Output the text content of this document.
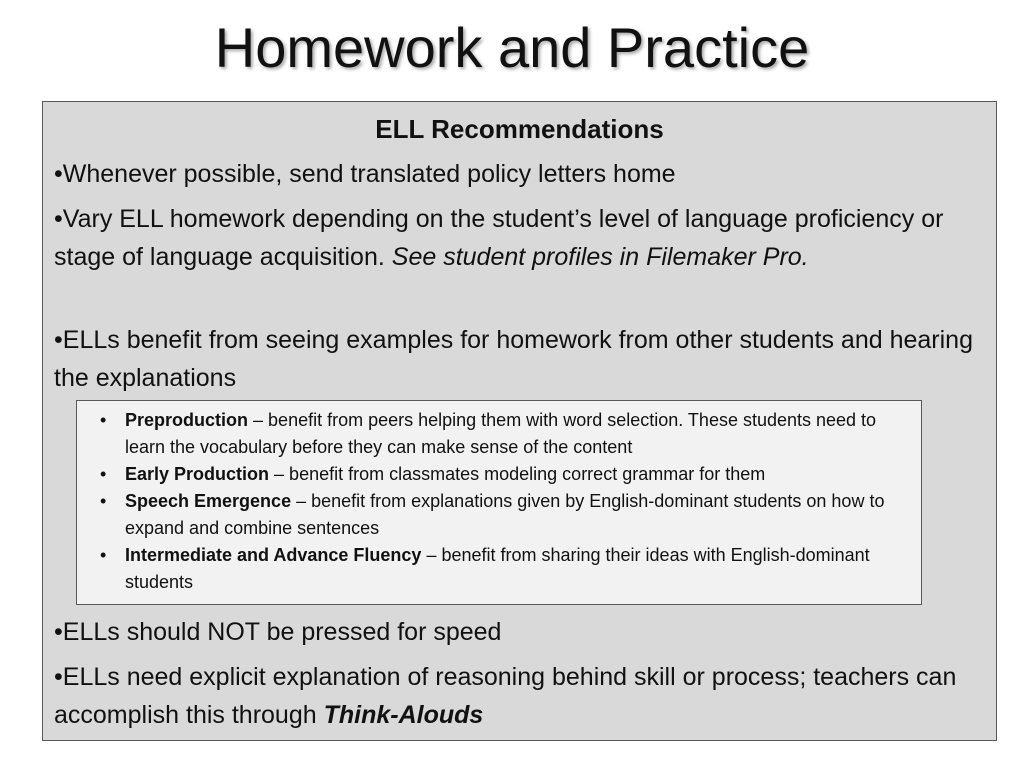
Homework and Practice
ELL Recommendations
•Whenever possible, send translated policy letters home
•Vary ELL homework depending on the student’s level of language proficiency or stage of language acquisition. See student profiles in Filemaker Pro.
•ELLs benefit from seeing examples for homework from other students and hearing the explanations
• Preproduction – benefit from peers helping them with word selection. These students need to learn the vocabulary before they can make sense of the content
• Early Production – benefit from classmates modeling correct grammar for them
• Speech Emergence – benefit from explanations given by English-dominant students on how to expand and combine sentences
• Intermediate and Advance Fluency – benefit from sharing their ideas with English-dominant students
•ELLs should NOT be pressed for speed
•ELLs need explicit explanation of reasoning behind skill or process; teachers can accomplish this through Think-Alouds
